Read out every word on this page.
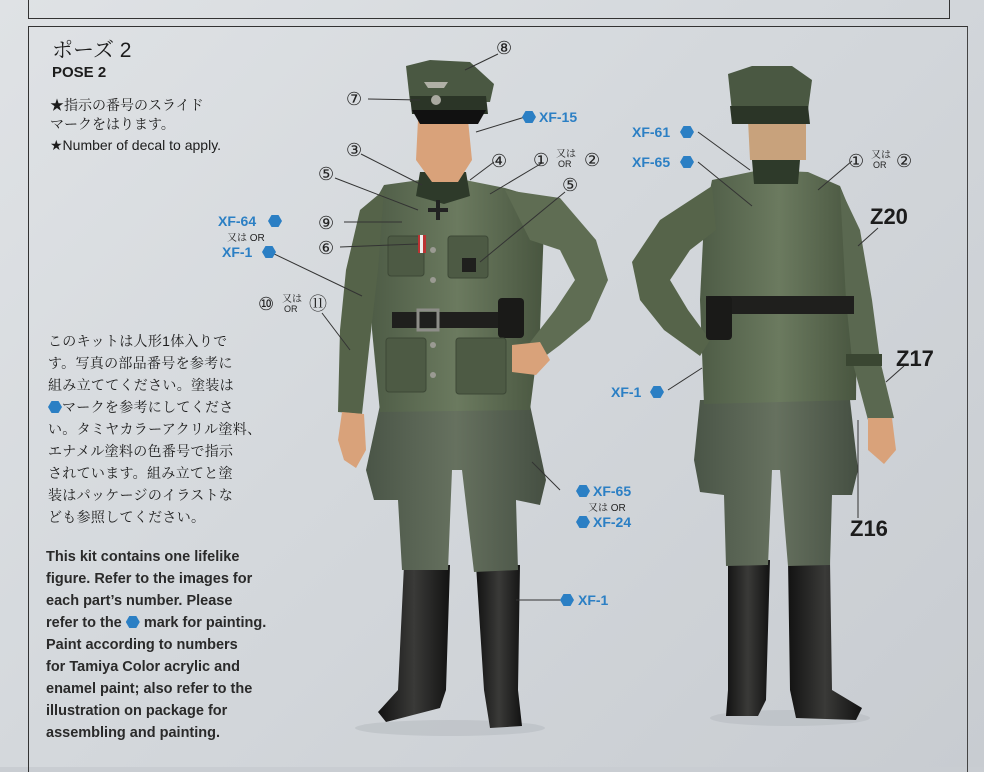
ポーズ 2
POSE 2
★指示の番号のスライド
マークをはります。
★Number of decal to apply.
このキットは人形1体入りで
す。写真の部品番号を参考に
組み立ててください。塗装は
マークを参考にしてくださ
い。タミヤカラーアクリル塗料、
エナメル塗料の色番号で指示
されています。組み立てと塗
装はパッケージのイラストな
ども参照してください。
This kit contains one lifelike
figure. Refer to the images for
each part’s number. Please
refer to the mark for painting.
Paint according to numbers
for Tamiya Color acrylic and
enamel paint; also refer to the
illustration on package for
assembling and painting.
⑧
⑦
③
④ ① ②
⑤
⑤
⑨
⑥
⑩ ⑪
① ②
又は
OR
又は
OR
又は
OR
XF-15
XF-64
又は OR
XF-1
XF-65
又は OR
XF-24
XF-1
XF-61
XF-65
XF-1
Z20
Z17
Z16
